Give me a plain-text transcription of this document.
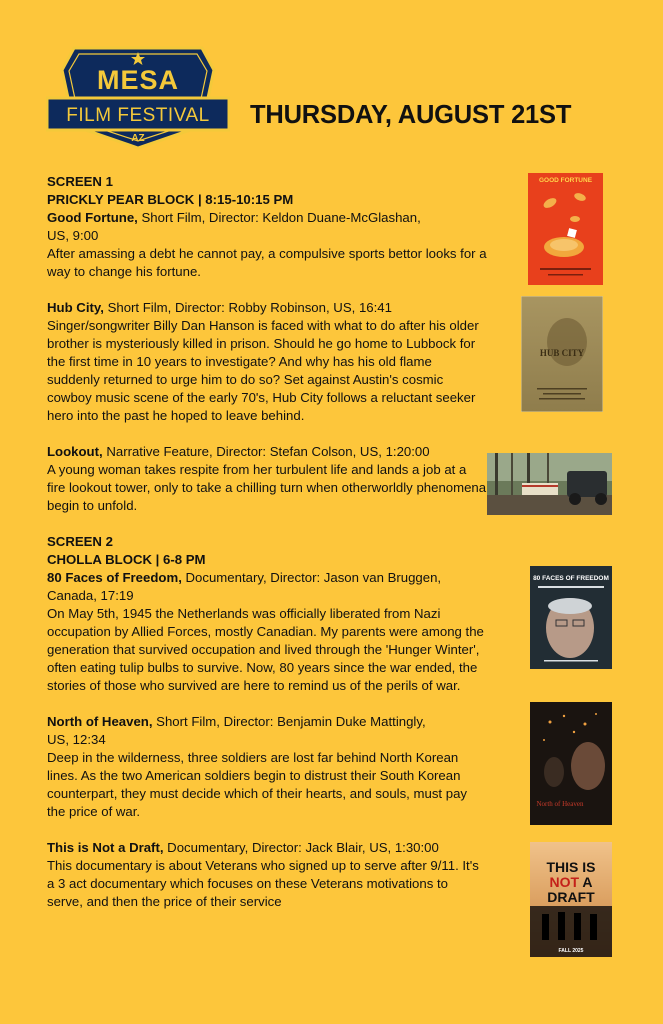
MESA
FILM FESTIVAL
AZ
THURSDAY, AUGUST 21ST
SCREEN 1
PRICKLY PEAR BLOCK | 8:15-10:15 PM
Good Fortune, Short Film, Director: Keldon Duane-McGlashan,
US, 9:00
After amassing a debt he cannot pay, a compulsive sports bettor looks for a way to change his fortune.
Hub City, Short Film, Director: Robby Robinson, US, 16:41
Singer/songwriter Billy Dan Hanson is faced with what to do after his older brother is mysteriously killed in prison. Should he go home to Lubbock for the first time in 10 years to investigate? And why has his old flame suddenly returned to urge him to do so? Set against Austin's cosmic cowboy music scene of the early 70's, Hub City follows a reluctant seeker hero into the past he hoped to leave behind.
Lookout, Narrative Feature, Director: Stefan Colson, US, 1:20:00
A young woman takes respite from her turbulent life and lands a job at a fire lookout tower, only to take a chilling turn when otherworldly phenomena begin to unfold.
SCREEN 2
CHOLLA BLOCK | 6-8 PM
80 Faces of Freedom, Documentary, Director: Jason van Bruggen,
Canada, 17:19
On May 5th, 1945 the Netherlands was officially liberated from Nazi occupation by Allied Forces, mostly Canadian. My parents were among the generation that survived occupation and lived through the 'Hunger Winter', often eating tulip bulbs to survive. Now, 80 years since the war ended, the stories of those who survived are here to remind us of the perils of war.
North of Heaven, Short Film, Director: Benjamin Duke Mattingly,
US, 12:34
Deep in the wilderness, three soldiers are lost far behind North Korean lines. As the two American soldiers begin to distrust their South Korean counterpart, they must decide which of their hearts, and souls, must pay the price of war.
This is Not a Draft, Documentary, Director: Jack Blair, US, 1:30:00
This documentary is about Veterans who signed up to serve after 9/11. It's a 3 act documentary which focuses on these Veterans motivations to serve, and then the price of their service
GOOD FORTUNE
HUB CITY
80 FACES OF FREEDOM
North of Heaven
THIS IS
NOT A
DRAFT
FALL 2025
